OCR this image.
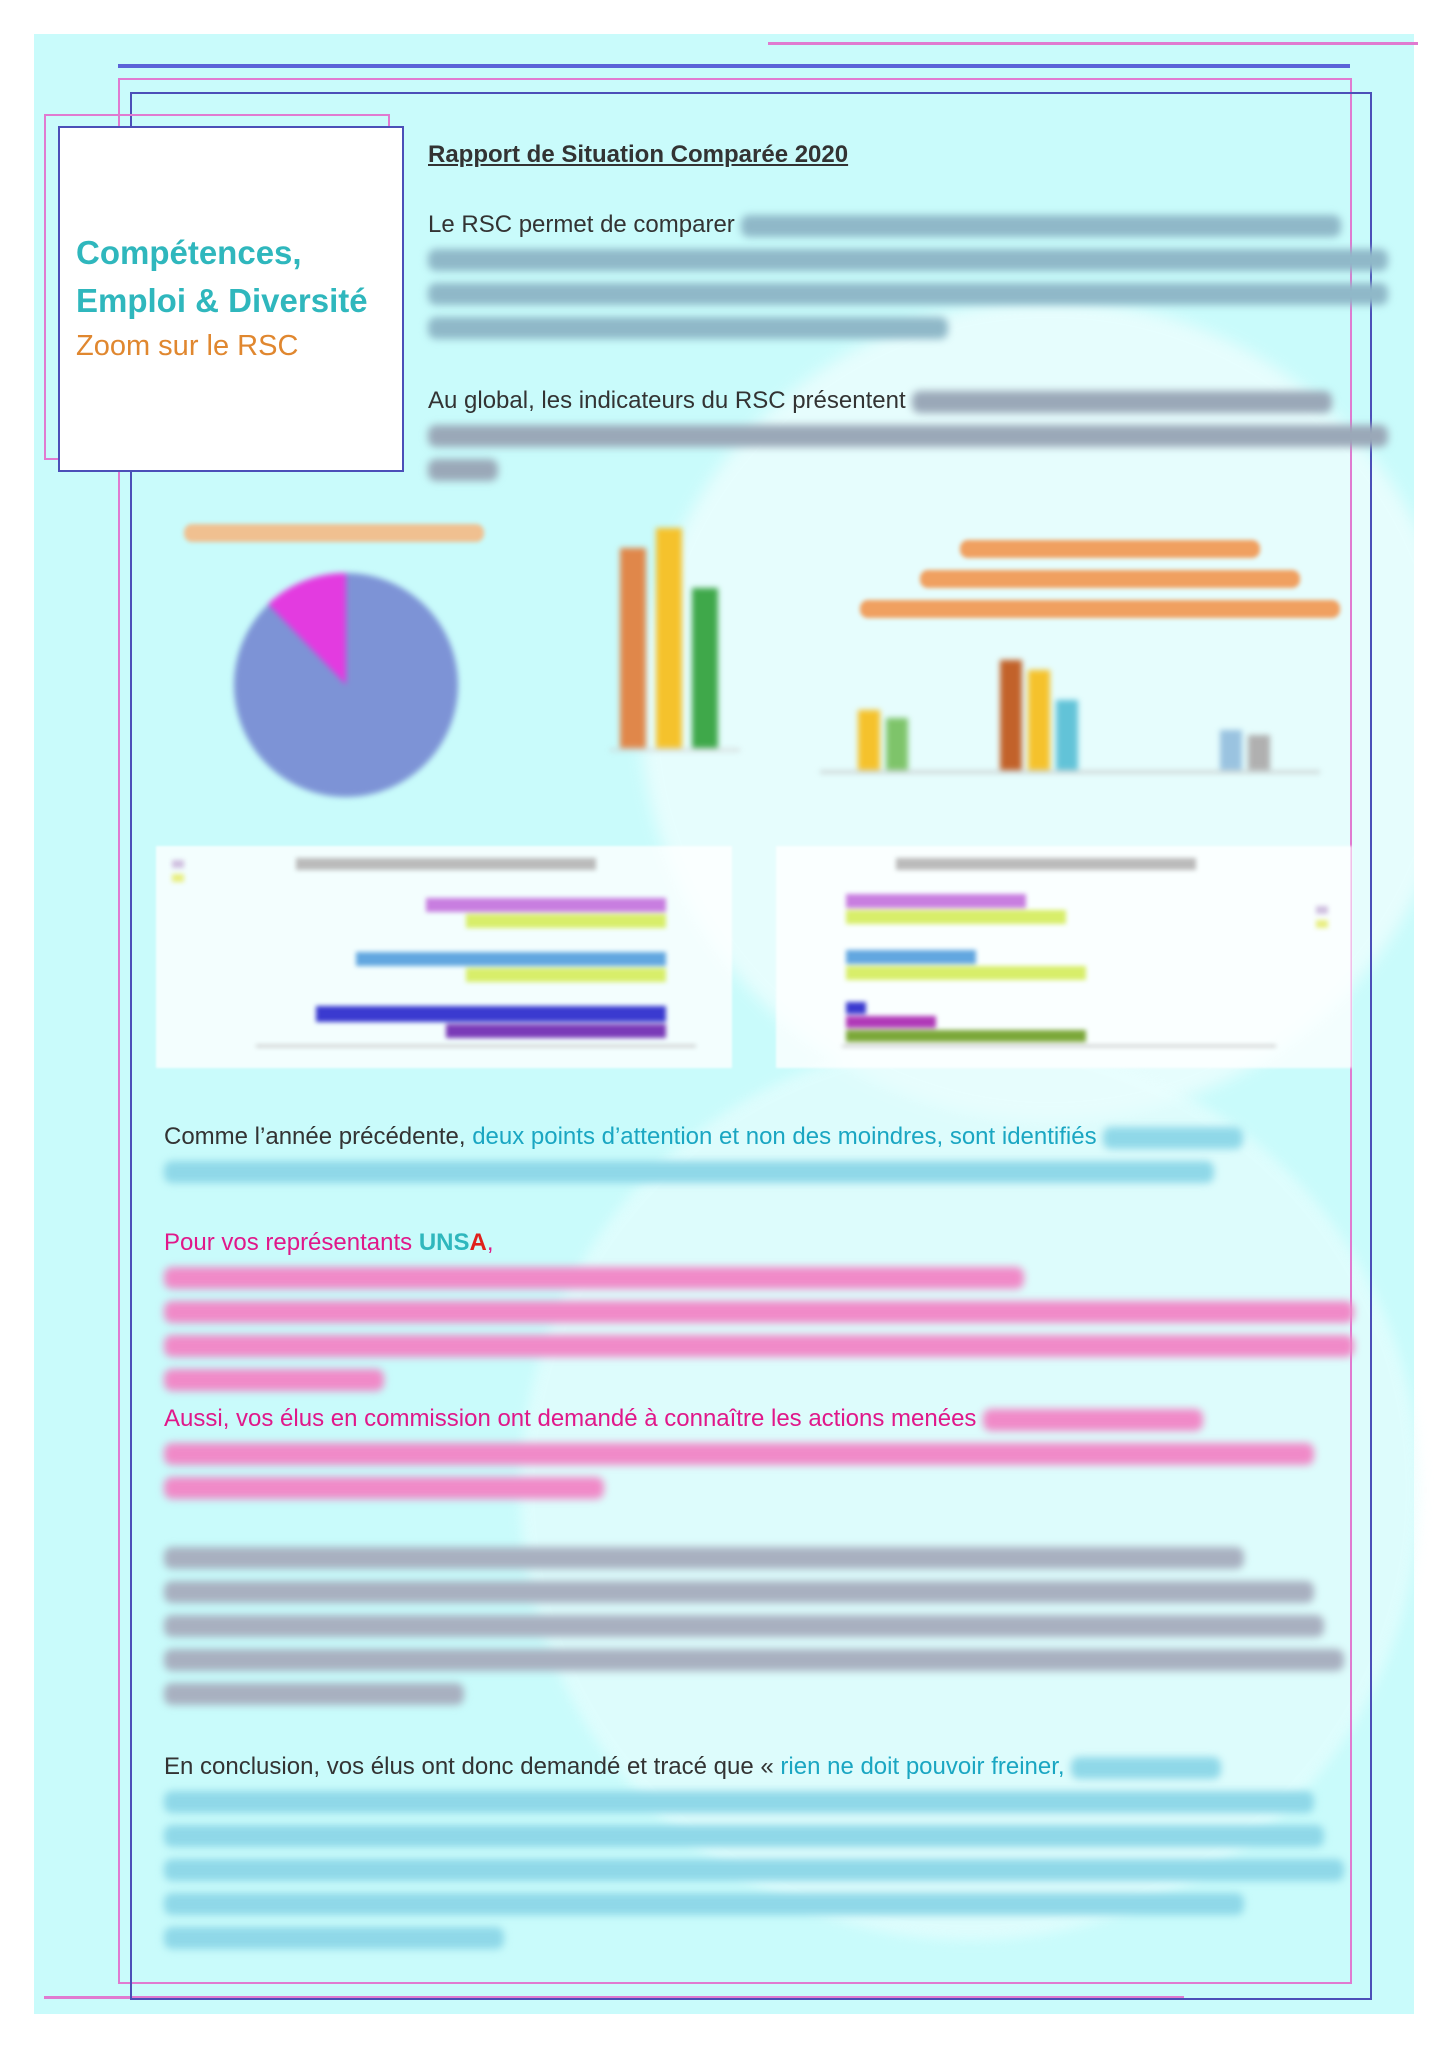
Compétences,
Emploi & Diversité
Zoom sur le RSC
Rapport de Situation Comparée 2020
Le RSC permet de comparer

Au global, les indicateurs du RSC présentent

Comme l’année précédente, deux points d’attention et non des moindres, sont identifiés

Pour vos représentants UNSA,

Aussi, vos élus en commission ont demandé à connaître les actions menées

En conclusion, vos élus ont donc demandé et tracé que « rien ne doit pouvoir freiner,
